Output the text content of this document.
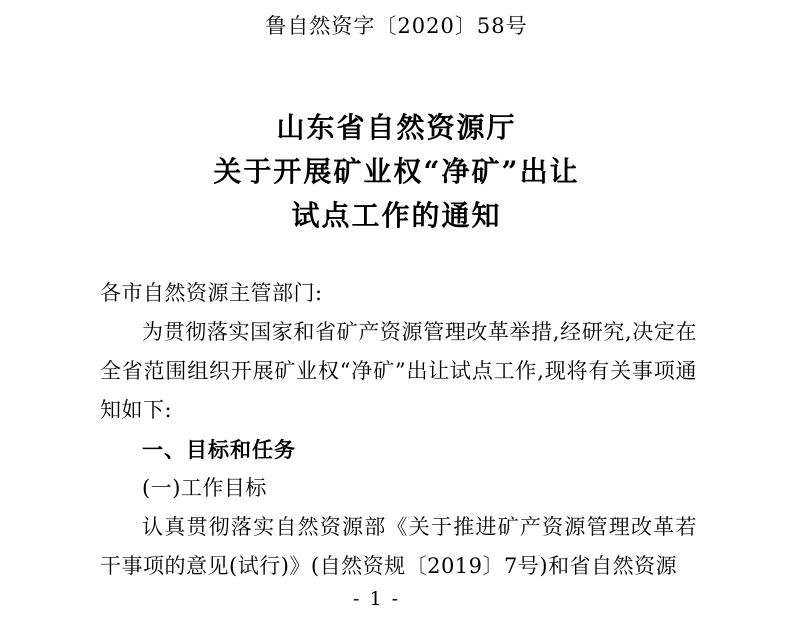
鲁自然资字〔2020〕58号
山东省自然资源厅
关于开展矿业权“净矿”出让
试点工作的通知

各市自然资源主管部门:

为贯彻落实国家和省矿产资源管理改革举措,经研究,决定在全省范围组织开展矿业权“净矿”出让试点工作,现将有关事项通知如下:

一、目标和任务

(一)工作目标

认真贯彻落实自然资源部《关于推进矿产资源管理改革若干事项的意见(试行)》(自然资规〔2019〕7号)和省自然资源

- 1 -
